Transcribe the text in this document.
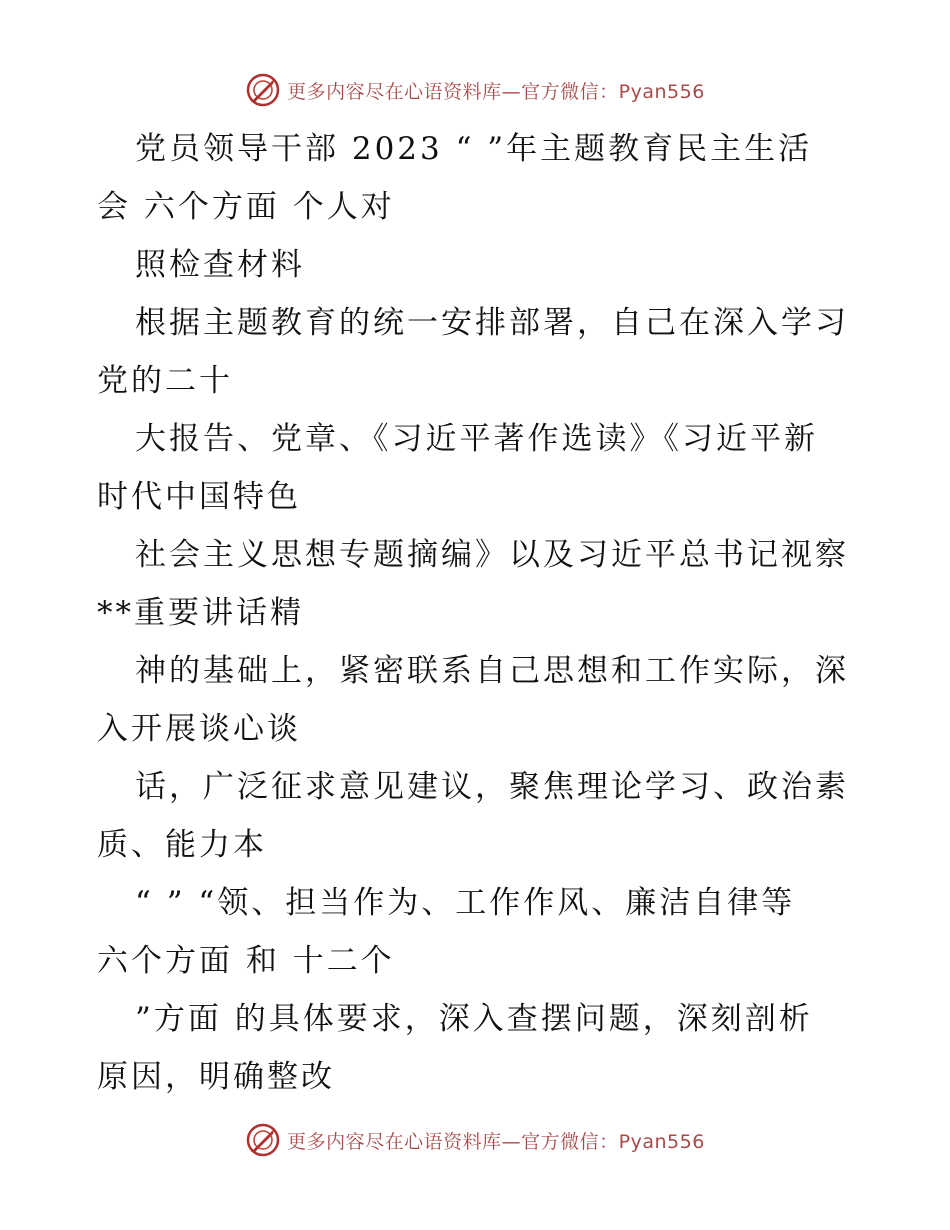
更多内容尽在心语资料库—官方微信：Pyan556

党员领导干部 2023 “ ”年主题教育民主生活

会 六个方面 个人对

照检查材料

根据主题教育的统一安排部署，自己在深入学习

党的二十

大报告、党章、《习近平著作选读》《习近平新

时代中国特色

社会主义思想专题摘编》以及习近平总书记视察

**重要讲话精

神的基础上，紧密联系自己思想和工作实际，深

入开展谈心谈

话，广泛征求意见建议，聚焦理论学习、政治素

质、能力本

“ ” “领、担当作为、工作作风、廉洁自律等

六个方面 和 十二个

”方面 的具体要求，深入查摆问题，深刻剖析

原因，明确整改

更多内容尽在心语资料库—官方微信：Pyan556
